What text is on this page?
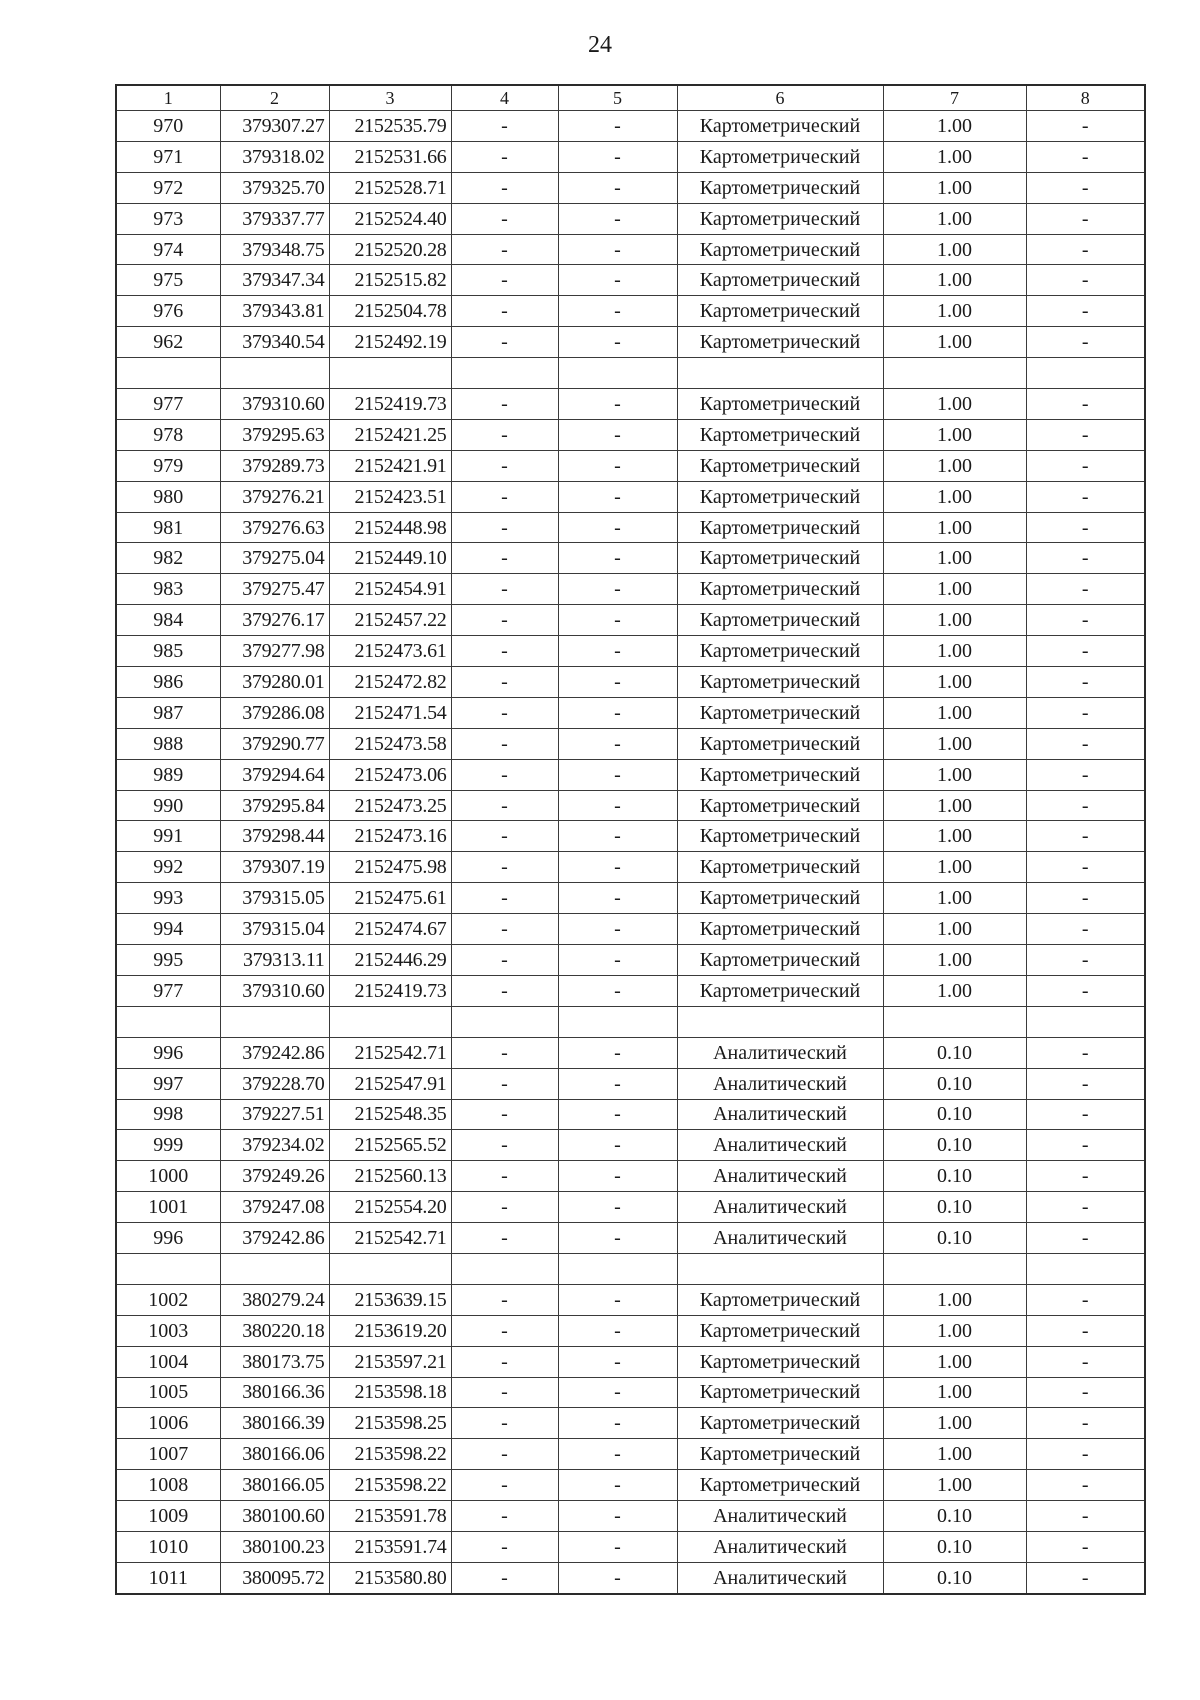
24
1	2	3	4	5	6	7	8
970	379307.27	2152535.79	-	-	Картометрический	1.00	-
971	379318.02	2152531.66	-	-	Картометрический	1.00	-
972	379325.70	2152528.71	-	-	Картометрический	1.00	-
973	379337.77	2152524.40	-	-	Картометрический	1.00	-
974	379348.75	2152520.28	-	-	Картометрический	1.00	-
975	379347.34	2152515.82	-	-	Картометрический	1.00	-
976	379343.81	2152504.78	-	-	Картометрический	1.00	-
962	379340.54	2152492.19	-	-	Картометрический	1.00	-

977	379310.60	2152419.73	-	-	Картометрический	1.00	-
978	379295.63	2152421.25	-	-	Картометрический	1.00	-
979	379289.73	2152421.91	-	-	Картометрический	1.00	-
980	379276.21	2152423.51	-	-	Картометрический	1.00	-
981	379276.63	2152448.98	-	-	Картометрический	1.00	-
982	379275.04	2152449.10	-	-	Картометрический	1.00	-
983	379275.47	2152454.91	-	-	Картометрический	1.00	-
984	379276.17	2152457.22	-	-	Картометрический	1.00	-
985	379277.98	2152473.61	-	-	Картометрический	1.00	-
986	379280.01	2152472.82	-	-	Картометрический	1.00	-
987	379286.08	2152471.54	-	-	Картометрический	1.00	-
988	379290.77	2152473.58	-	-	Картометрический	1.00	-
989	379294.64	2152473.06	-	-	Картометрический	1.00	-
990	379295.84	2152473.25	-	-	Картометрический	1.00	-
991	379298.44	2152473.16	-	-	Картометрический	1.00	-
992	379307.19	2152475.98	-	-	Картометрический	1.00	-
993	379315.05	2152475.61	-	-	Картометрический	1.00	-
994	379315.04	2152474.67	-	-	Картометрический	1.00	-
995	379313.11	2152446.29	-	-	Картометрический	1.00	-
977	379310.60	2152419.73	-	-	Картометрический	1.00	-

996	379242.86	2152542.71	-	-	Аналитический	0.10	-
997	379228.70	2152547.91	-	-	Аналитический	0.10	-
998	379227.51	2152548.35	-	-	Аналитический	0.10	-
999	379234.02	2152565.52	-	-	Аналитический	0.10	-
1000	379249.26	2152560.13	-	-	Аналитический	0.10	-
1001	379247.08	2152554.20	-	-	Аналитический	0.10	-
996	379242.86	2152542.71	-	-	Аналитический	0.10	-

1002	380279.24	2153639.15	-	-	Картометрический	1.00	-
1003	380220.18	2153619.20	-	-	Картометрический	1.00	-
1004	380173.75	2153597.21	-	-	Картометрический	1.00	-
1005	380166.36	2153598.18	-	-	Картометрический	1.00	-
1006	380166.39	2153598.25	-	-	Картометрический	1.00	-
1007	380166.06	2153598.22	-	-	Картометрический	1.00	-
1008	380166.05	2153598.22	-	-	Картометрический	1.00	-
1009	380100.60	2153591.78	-	-	Аналитический	0.10	-
1010	380100.23	2153591.74	-	-	Аналитический	0.10	-
1011	380095.72	2153580.80	-	-	Аналитический	0.10	-
